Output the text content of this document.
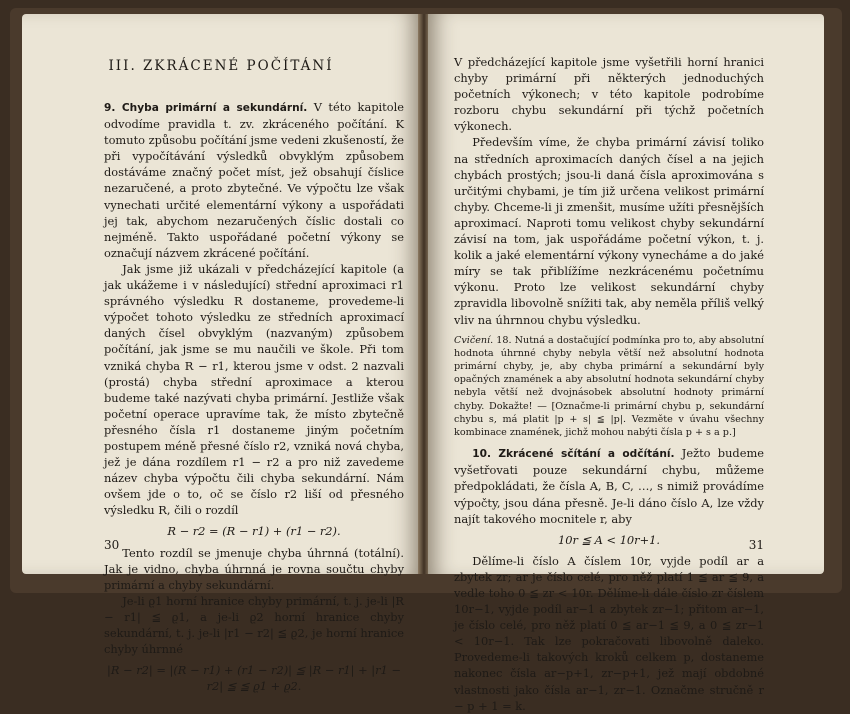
III. ZKRÁCENÉ POČÍTÁNÍ

9. Chyba primární a sekundární. V této kapitole odvodíme pravidla t. zv. zkráceného počítání. K tomuto způsobu počítání jsme vedeni zkušeností, že při vypočítávání výsledků obvyklým způsobem dostáváme značný počet míst, jež obsahují číslice nezaručené, a proto zbytečné. Ve výpočtu lze však vynechati určité elementární výkony a uspořádati jej tak, abychom nezaručených číslic dostali co nejméně. Takto uspořádané početní výkony se označují názvem zkrácené počítání.

Jak jsme již ukázali v předcházející kapitole (a jak ukážeme i v následující) střední aproximaci r1 správného výsledku R dostaneme, provedeme-li výpočet tohoto výsledku ze středních aproximací daných čísel obvyklým (nazvaným) způsobem počítání, jak jsme se mu naučili ve škole. Při tom vzniká chyba R − r1, kterou jsme v odst. 2 nazvali (prostá) chyba střední aproximace a kterou budeme také nazývati chyba primární. Jestliže však početní operace upravíme tak, že místo zbytečně přesného čísla r1 dostaneme jiným početním postupem méně přesné číslo r2, vzniká nová chyba, jež je dána rozdílem r1 − r2 a pro niž zavedeme název chyba výpočtu čili chyba sekundární. Nám ovšem jde o to, oč se číslo r2 liší od přesného výsledku R, čili o rozdíl

R − r2 = (R − r1) + (r1 − r2).

Tento rozdíl se jmenuje chyba úhrnná (totální). Jak je vidno, chyba úhrnná je rovna součtu chyby primární a chyby sekundární.

Je-li ϱ1 horní hranice chyby primární, t. j. je-li |R − r1| ≦ ϱ1, a je-li ϱ2 horní hranice chyby sekundární, t. j. je-li |r1 − r2| ≦ ϱ2, je horní hranice chyby úhrnné

|R − r2| = |(R − r1) + (r1 − r2)| ≦ |R − r1| + |r1 − r2| ≦ ≦ ϱ1 + ϱ2.
30

V předcházející kapitole jsme vyšetřili horní hranici chyby primární při některých jednoduchých početních výkonech; v této kapitole podrobíme rozboru chybu sekundární při týchž početních výkonech.

Především víme, že chyba primární závisí toliko na středních aproximacích daných čísel a na jejich chybách prostých; jsou-li daná čísla aproximována s určitými chybami, je tím již určena velikost primární chyby. Chceme-li ji zmenšit, musíme užíti přesnějších aproximací. Naproti tomu velikost chyby sekundární závisí na tom, jak uspořádáme početní výkon, t. j. kolik a jaké elementární výkony vynecháme a do jaké míry se tak přiblížíme nezkrácenému početnímu výkonu. Proto lze velikost sekundární chyby zpravidla libovolně snížiti tak, aby neměla příliš velký vliv na úhrnnou chybu výsledku.

Cvičení. 18. Nutná a dostačující podmínka pro to, aby absolutní hodnota úhrnné chyby nebyla větší než absolutní hodnota primární chyby, je, aby chyba primární a sekundární byly opačných znamének a aby absolutní hodnota sekundární chyby nebyla větší než dvojnásobek absolutní hodnoty primární chyby. Dokažte! — [Označme-li primární chybu p, sekundární chybu s, má platit |p + s| ≦ |p|. Vezměte v úvahu všechny kombinace znamének, jichž mohou nabýti čísla p + s a p.]

10. Zkrácené sčítání a odčítání. Ježto budeme vyšetřovati pouze sekundární chybu, můžeme předpokládati, že čísla A, B, C, …, s nimiž provádíme výpočty, jsou dána přesně. Je-li dáno číslo A, lze vždy najít takového mocnitele r, aby

10r ≦ A < 10r+1.

Dělíme-li číslo A číslem 10r, vyjde podíl ar a zbytek zr; ar je číslo celé, pro něž platí 1 ≦ ar ≦ 9, a vedle toho 0 ≦ zr < 10r. Dělíme-li dále číslo zr číslem 10r−1, vyjde podíl ar−1 a zbytek zr−1; přitom ar−1, je číslo celé, pro něž platí 0 ≦ ar−1 ≦ 9, a 0 ≦ zr−1 < 10r−1. Tak lze pokračovati libovolně daleko. Provedeme-li takových kroků celkem p, dostaneme nakonec čísla ar−p+1, zr−p+1, jež mají obdobné vlastnosti jako čísla ar−1, zr−1. Označme stručně r − p + 1 = k.

31
